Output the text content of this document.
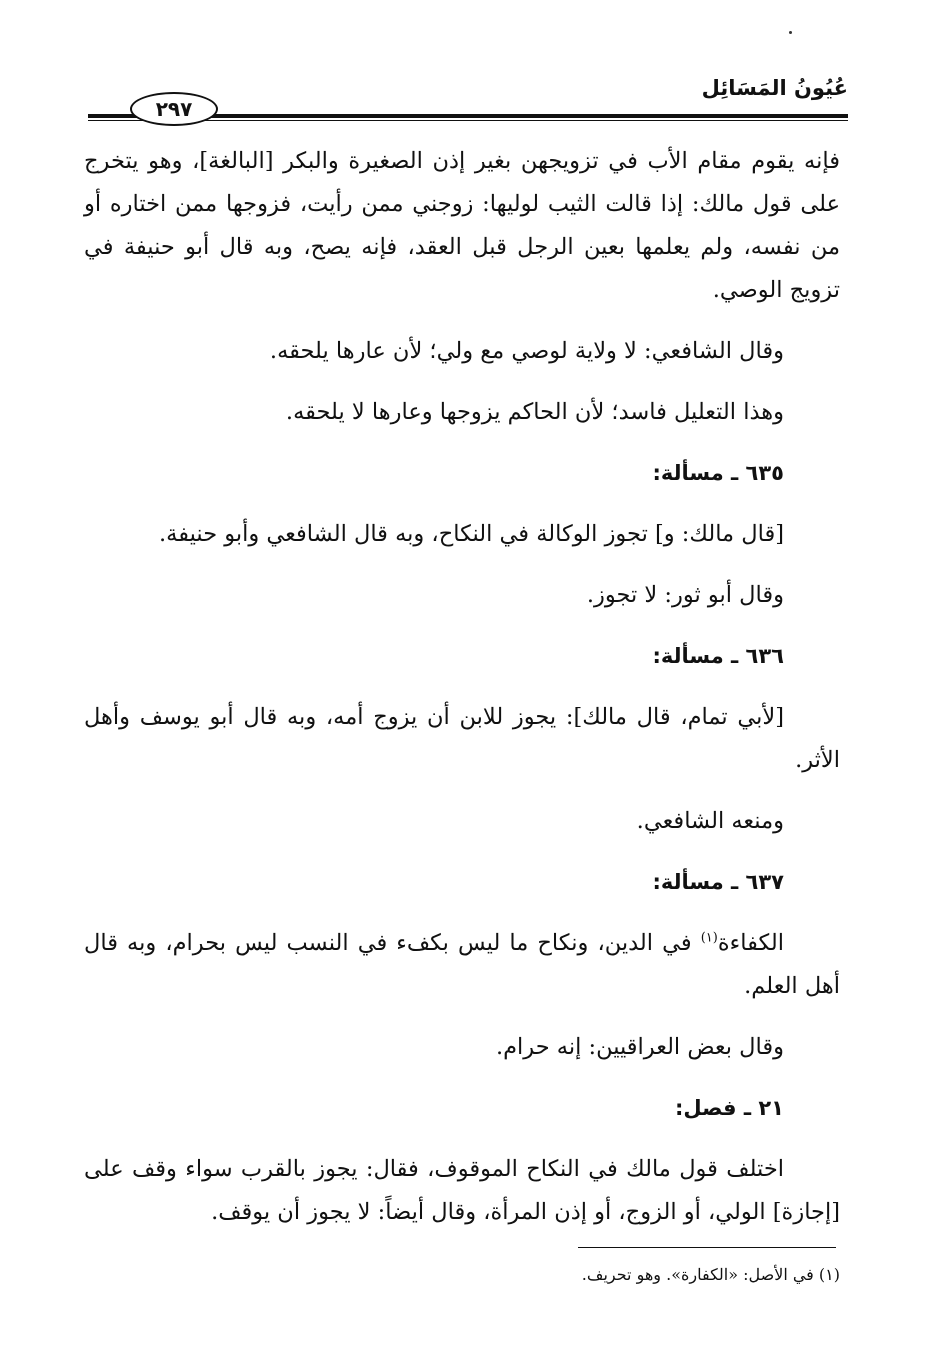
عُيُونُ المَسَائِل
٢٩٧

فإنه يقوم مقام الأب في تزويجهن بغير إذن الصغيرة والبكر [البالغة]، وهو يتخرج على قول مالك: إذا قالت الثيب لوليها: زوجني ممن رأيت، فزوجها ممن اختاره أو من نفسه، ولم يعلمها بعين الرجل قبل العقد، فإنه يصح، وبه قال أبو حنيفة في تزويج الوصي.

وقال الشافعي: لا ولاية لوصي مع ولي؛ لأن عارها يلحقه.

وهذا التعليل فاسد؛ لأن الحاكم يزوجها وعارها لا يلحقه.

٦٣٥ ـ مسألة:

[قال مالك: و] تجوز الوكالة في النكاح، وبه قال الشافعي وأبو حنيفة.

وقال أبو ثور: لا تجوز.

٦٣٦ ـ مسألة:

[لأبي تمام، قال مالك]: يجوز للابن أن يزوج أمه، وبه قال أبو يوسف وأهل الأثر.

ومنعه الشافعي.

٦٣٧ ـ مسألة:

الكفاءة$^{(١)}$ في الدين، ونكاح ما ليس بكفء في النسب ليس بحرام، وبه قال أهل العلم.

وقال بعض العراقيين: إنه حرام.

٢١ ـ فصل:

اختلف قول مالك في النكاح الموقوف، فقال: يجوز بالقرب سواء وقف على [إجازة] الولي، أو الزوج، أو إذن المرأة، وقال أيضاً: لا يجوز أن يوقف.

(١) في الأصل: «الكفارة». وهو تحريف.
